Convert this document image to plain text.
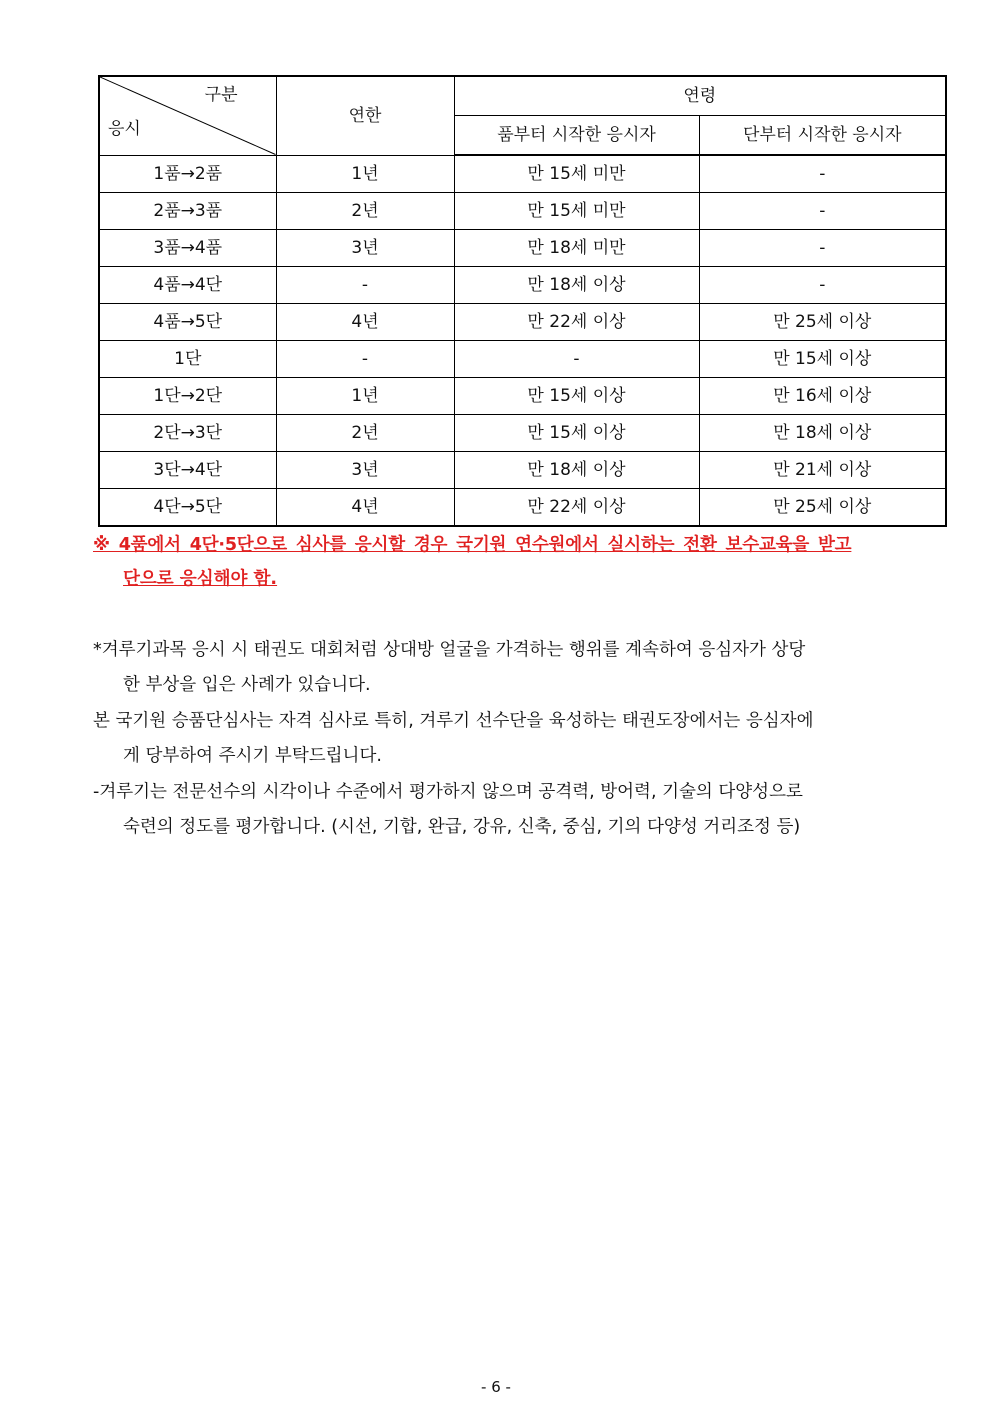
구분
응시	연한	연령	
		품부터 시작한 응시자	단부터 시작한 응시자
1품→2품	1년	만 15세 미만	-
2품→3품	2년	만 15세 미만	-
3품→4품	3년	만 18세 미만	-
4품→4단	-	만 18세 이상	-
4품→5단	4년	만 22세 이상	만 25세 이상
1단	-	-	만 15세 이상
1단→2단	1년	만 15세 이상	만 16세 이상
2단→3단	2년	만 15세 이상	만 18세 이상
3단→4단	3년	만 18세 이상	만 21세 이상
4단→5단	4년	만 22세 이상	만 25세 이상
※ 4품에서 4단·5단으로 심사를 응시할 경우 국기원 연수원에서 실시하는 전환 보수교육을 받고
단으로 응심해야 함.
*겨루기과목 응시 시 태권도 대회처럼 상대방 얼굴을 가격하는 행위를 계속하여 응심자가 상당
한 부상을 입은 사례가 있습니다.
본 국기원 승품단심사는 자격 심사로 특히, 겨루기 선수단을 육성하는 태권도장에서는 응심자에
게 당부하여 주시기 부탁드립니다.
-겨루기는 전문선수의 시각이나 수준에서 평가하지 않으며 공격력, 방어력, 기술의 다양성으로
숙련의 정도를 평가합니다. (시선, 기합, 완급, 강유, 신축, 중심, 기의 다양성 거리조정 등)
- 6 -
